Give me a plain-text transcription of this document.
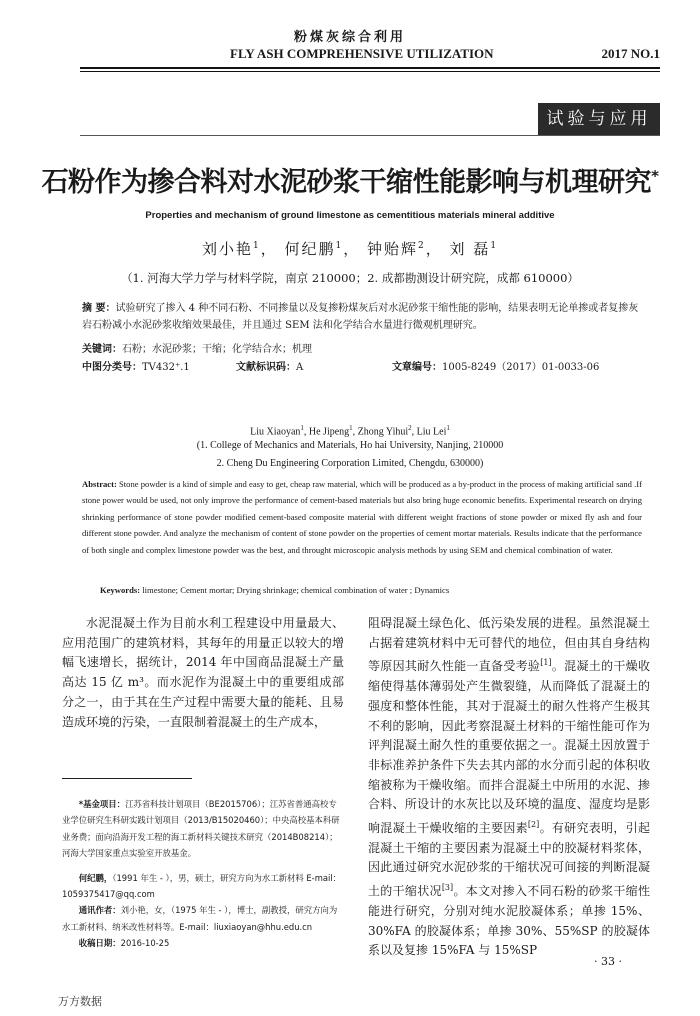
粉煤灰综合利用
FLY ASH COMPREHENSIVE UTILIZATION	2017 NO.1
试验与应用
石粉作为掺合料对水泥砂浆干缩性能影响与机理研究*
Properties and mechanism of ground limestone as cementitious materials mineral additive
刘小艳$^1$， 何纪鹏$^1$， 钟贻辉$^2$， 刘 磊$^1$
（1. 河海大学力学与材料学院，南京 210000；2. 成都勘测设计研究院，成都 610000）
摘 要：试验研究了掺入 4 种不同石粉、不同掺量以及复掺粉煤灰后对水泥砂浆干缩性能的影响，结果表明无论单掺或者复掺灰岩石粉减小水泥砂浆收缩效果最佳，并且通过 SEM 法和化学结合水量进行微观机理研究。
关键词：石粉；水泥砂浆；干缩；化学结合水；机理
中图分类号：TV432⁺.1	文献标识码：A	文章编号：1005-8249（2017）01-0033-06
Liu Xiaoyan$^1$, He Jipeng$^1$, Zhong Yihui$^2$, Liu Lei$^1$
(1. College of Mechanics and Materials, Ho hai University, Nanjing, 210000
2. Cheng Du Engineering Corporation Limited, Chengdu, 630000)
Abstract: Stone powder is a kind of simple and easy to get, cheap raw material, which will be produced as a by-product in the process of making artificial sand .If stone power would be used, not only improve the performance of cement-based materials but also bring huge economic benefits. Experimental research on drying shrinking performance of stone powder modified cement-based composite material with different weight fractions of stone powder or mixed fly ash and four different stone powder. And analyze the mechanism of content of stone powder on the properties of cement mortar materials. Results indicate that the performance of both single and complex limestone powder was the best, and throught microscopic analysis methods by using SEM and chemical combination of water.
Keywords: limestone; Cement mortar; Drying shrinkage; chemical combination of water ; Dynamics

水泥混凝土作为目前水利工程建设中用量最大、应用范围广的建筑材料，其每年的用量正以较大的增幅飞速增长，据统计，2014 年中国商品混凝土产量高达 15 亿 m³。而水泥作为混凝土中的重要组成部分之一，由于其在生产过程中需要大量的能耗、且易造成环境的污染，一直限制着混凝土的生产成本，

阻碍混凝土绿色化、低污染发展的进程。虽然混凝土占据着建筑材料中无可替代的地位，但由其自身结构等原因其耐久性能一直备受考验[1]。混凝土的干燥收缩使得基体薄弱处产生微裂缝，从而降低了混凝土的强度和整体性能，其对于混凝土的耐久性将产生极其不利的影响，因此考察混凝土材料的干缩性能可作为评判混凝土耐久性的重要依据之一。混凝土因放置于非标准养护条件下失去其内部的水分而引起的体积收缩被称为干燥收缩。而拌合混凝土中所用的水泥、掺合料、所设计的水灰比以及环境的温度、湿度均是影响混凝土干燥收缩的主要因素[2]。有研究表明，引起混凝土干缩的主要因素为混凝土中的胶凝材料浆体，因此通过研究水泥砂浆的干缩状况可间接的判断混凝土的干缩状况[3]。本文对掺入不同石粉的砂浆干缩性能进行研究，分别对纯水泥胶凝体系；单掺 15%、30%FA 的胶凝体系；单掺 30%、55%SP 的胶凝体系以及复掺 15%FA 与 15%SP

*基金项目：江苏省科技计划项目（BE2015706）；江苏省普通高校专业学位研究生科研实践计划项目（2013/B15020460）；中央高校基本科研业务费；面向沿海开发工程的海工新材料关键技术研究（2014B08214）；河海大学国家重点实验室开放基金。

何纪鹏，（1991 年生 - ），男，硕士，研究方向为水工新材料 E-mail：1059375417@qq.com

通讯作者：刘小艳，女，（1975 年生 - ），博士，副教授，研究方向为水工新材料、纳米改性材料等。E-mail：liuxiaoyan@hhu.edu.cn

收稿日期：2016-10-25

· 33 ·
万方数据
